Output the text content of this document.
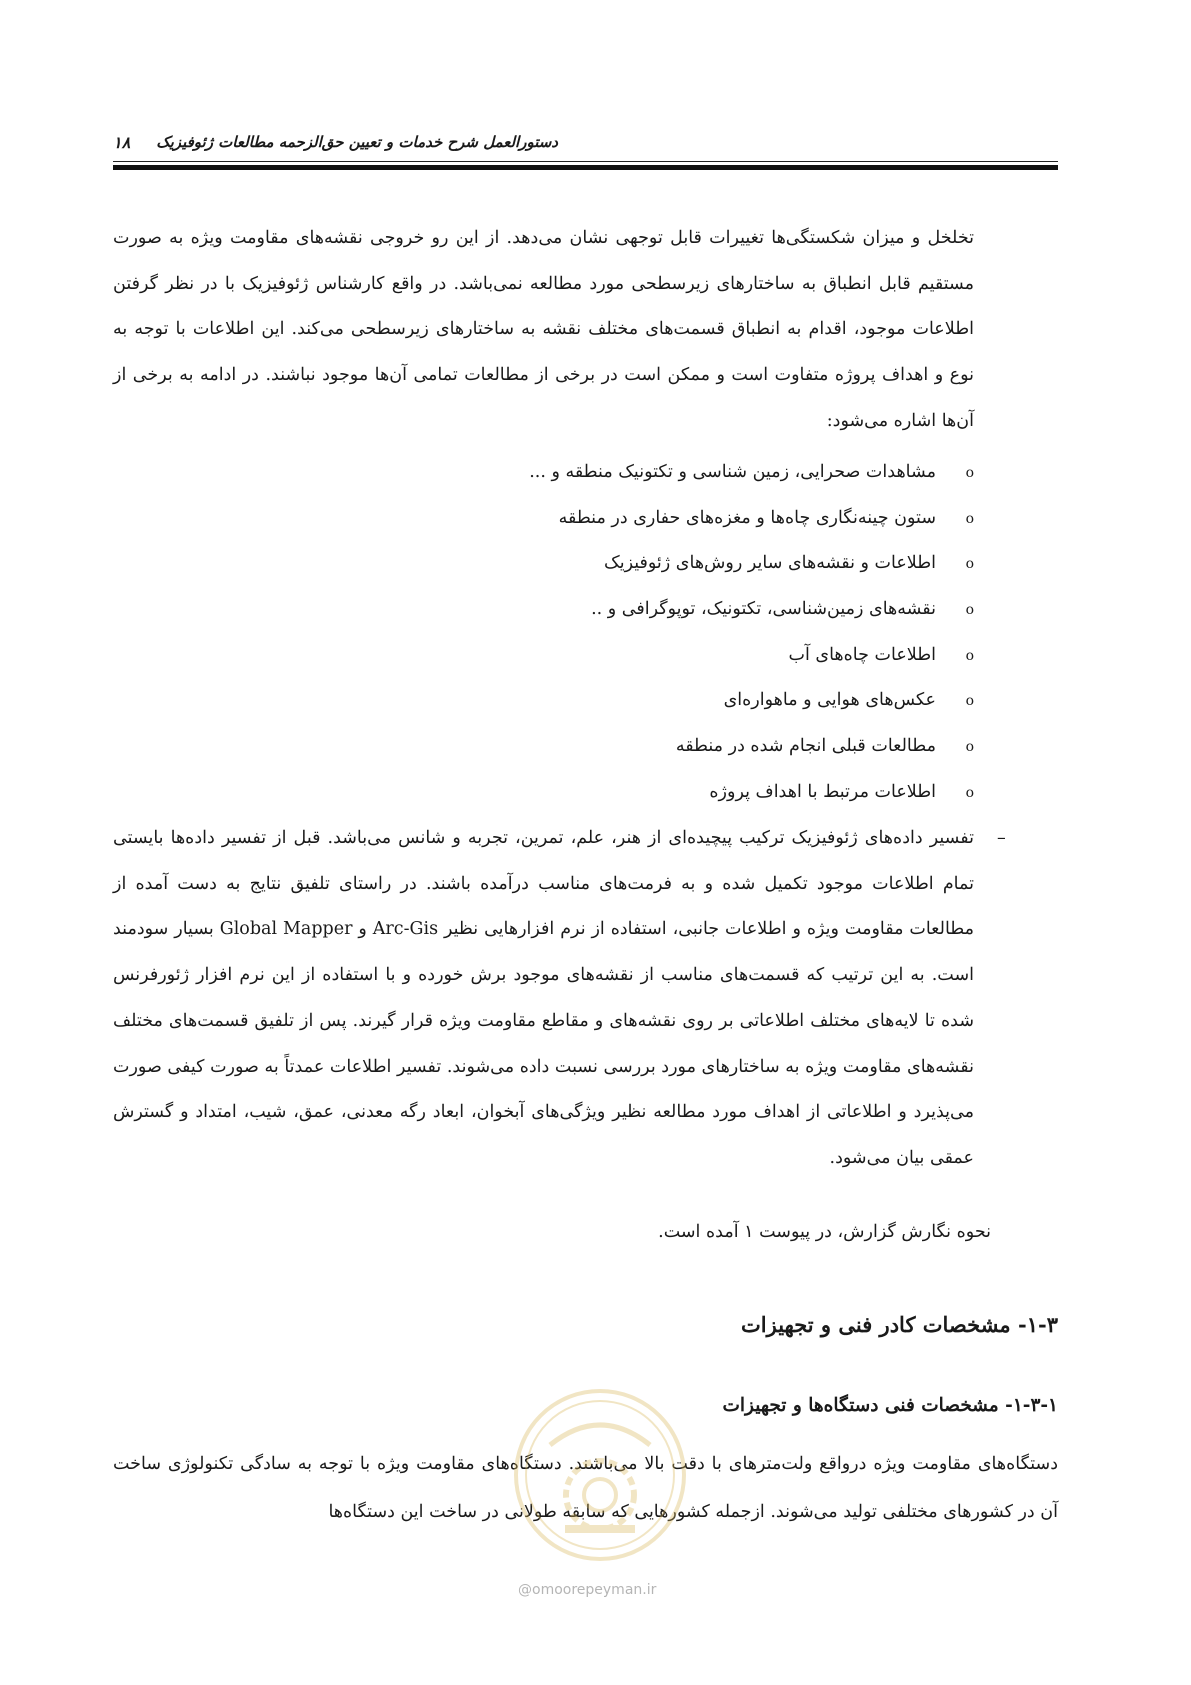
دستورالعمل شرح خدمات و تعیین حق‌الزحمه مطالعات ژئوفیزیک
۱۸

تخلخل و میزان شکستگی‌ها تغییرات قابل توجهی نشان می‌دهد. از این رو خروجی نقشه‌های مقاومت ویژه به صورت مستقیم قابل انطباق به ساختارهای زیرسطحی مورد مطالعه نمی‌باشد. در واقع کارشناس ژئوفیزیک با در نظر گرفتن اطلاعات موجود، اقدام به انطباق قسمت‌های مختلف نقشه به ساختارهای زیرسطحی می‌کند. این اطلاعات با توجه به نوع و اهداف پروژه متفاوت است و ممکن است در برخی از مطالعات تمامی آن‌ها موجود نباشند. در ادامه به برخی از آن‌ها اشاره می‌شود:

oمشاهدات صحرایی، زمین شناسی و تکتونیک منطقه و ...
oستون چینه‌نگاری چاه‌ها و مغزه‌های حفاری در منطقه
oاطلاعات و نقشه‌های سایر روش‌های ژئوفیزیک
oنقشه‌های زمین‌شناسی، تکتونیک، توپوگرافی و ..
oاطلاعات چاه‌های آب
oعکس‌های هوایی و ماهواره‌ای
oمطالعات قبلی انجام شده در منطقه
oاطلاعات مرتبط با اهداف پروژه
–

تفسیر داده‌های ژئوفیزیک ترکیب پیچیده‌ای از هنر، علم، تمرین، تجربه و شانس می‌باشد. قبل از تفسیر داده‌ها بایستی تمام اطلاعات موجود تکمیل شده و به فرمت‌های مناسب درآمده باشند. در راستای تلفیق نتایج به دست آمده از مطالعات مقاومت ویژه و اطلاعات جانبی، استفاده از نرم افزارهایی نظیر Arc-Gis و Global Mapper بسیار سودمند است. به این ترتیب که قسمت‌های مناسب از نقشه‌های موجود برش خورده و با استفاده از این نرم افزار ژئورفرنس شده تا لایه‌های مختلف اطلاعاتی بر روی نقشه‌های و مقاطع مقاومت ویژه قرار گیرند. پس از تلفیق قسمت‌های مختلف نقشه‌های مقاومت ویژه به ساختارهای مورد بررسی نسبت داده می‌شوند. تفسیر اطلاعات عمدتاً به صورت کیفی صورت می‌پذیرد و اطلاعاتی از اهداف مورد مطالعه نظیر ویژگی‌های آبخوان، ابعاد رگه معدنی، عمق، شیب، امتداد و گسترش عمقی بیان می‌شود.

نحوه نگارش گزارش، در پیوست ۱ آمده است.
۱-۳- مشخصات کادر فنی و تجهیزات
۱-۳-۱- مشخصات فنی دستگاه‌ها و تجهیزات

دستگاه‌های مقاومت ویژه درواقع ولت‌مترهای با دقت بالا می‌باشند. دستگاه‌های مقاومت ویژه با توجه به سادگی تکنولوژی ساخت آن در کشورهای مختلفی تولید می‌شوند. ازجمله کشورهایی که سابقه طولانی در ساخت این دستگاه‌ها

@omoorepeyman.ir
